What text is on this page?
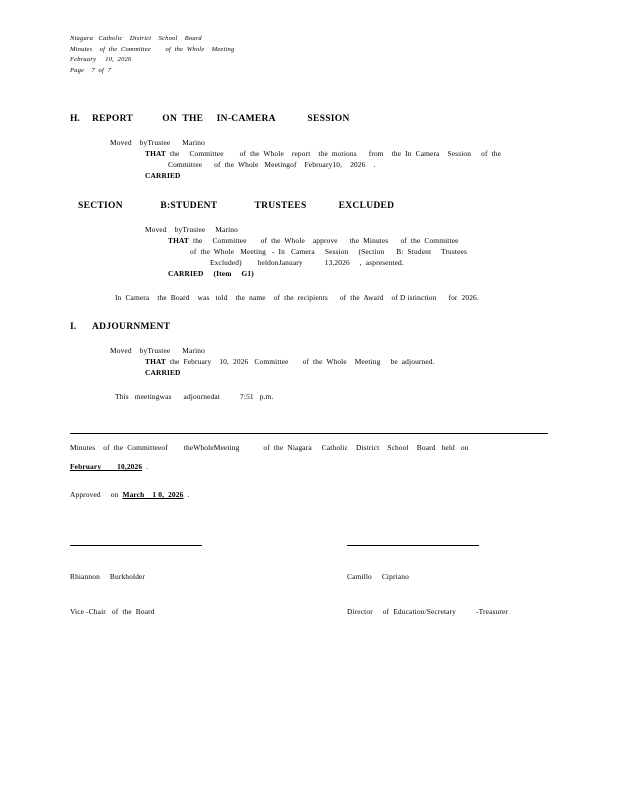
Niagara   Catholic    District    School    Board
Minutes    of  the  Committee        of  the  Whole    Meeting
February     10,  2026
Page    7  of  7
H.	REPORT           ON  THE     IN-CAMERA            SESSION
Moved    byTrustee      Marino
THAT  the     Committee        of  the  Whole    report    the  motions      from    the  In  Camera    Session     of  the
Committee      of  the  Whole   Meetingof    February10,    2026    .
CARRIED
SECTION              B:STUDENT              TRUSTEES            EXCLUDED
Moved    byTrustee     Marino
THAT  the     Committee       of  the  Whole    approve      the  Minutes      of  the  Committee
of  the  Whole   Meeting   -  In   Camera     Session     (Section      B:  Student     Trustees
Excluded)        heldonJanuary           13,2026     ,  aspresented.
CARRIED     (Item     G1)
In  Camera    the  Board    was   told    the  name    of  the  recipients      of  the  Award    of D istinction      for  2026.
I.	ADJOURNMENT
Moved    byTrustee      Marino
THAT  the  February    10,  2026   Committee       of  the  Whole    Meeting     be  adjourned.
CARRIED
This   meetingwas      adjournedat          7:51   p.m.
Minutes    of  the  Committeeof        theWholeMeeting            of  the  Niagara     Catholic    District    School    Board   held   on
February        10,2026  .
Approved     on  March    1 0,  2026  .

Rhiannon     Burkholder

Vice -Chair   of  the  Board

Camillo     Cipriano

Director     of  Education/Secretary          -Treasurer
